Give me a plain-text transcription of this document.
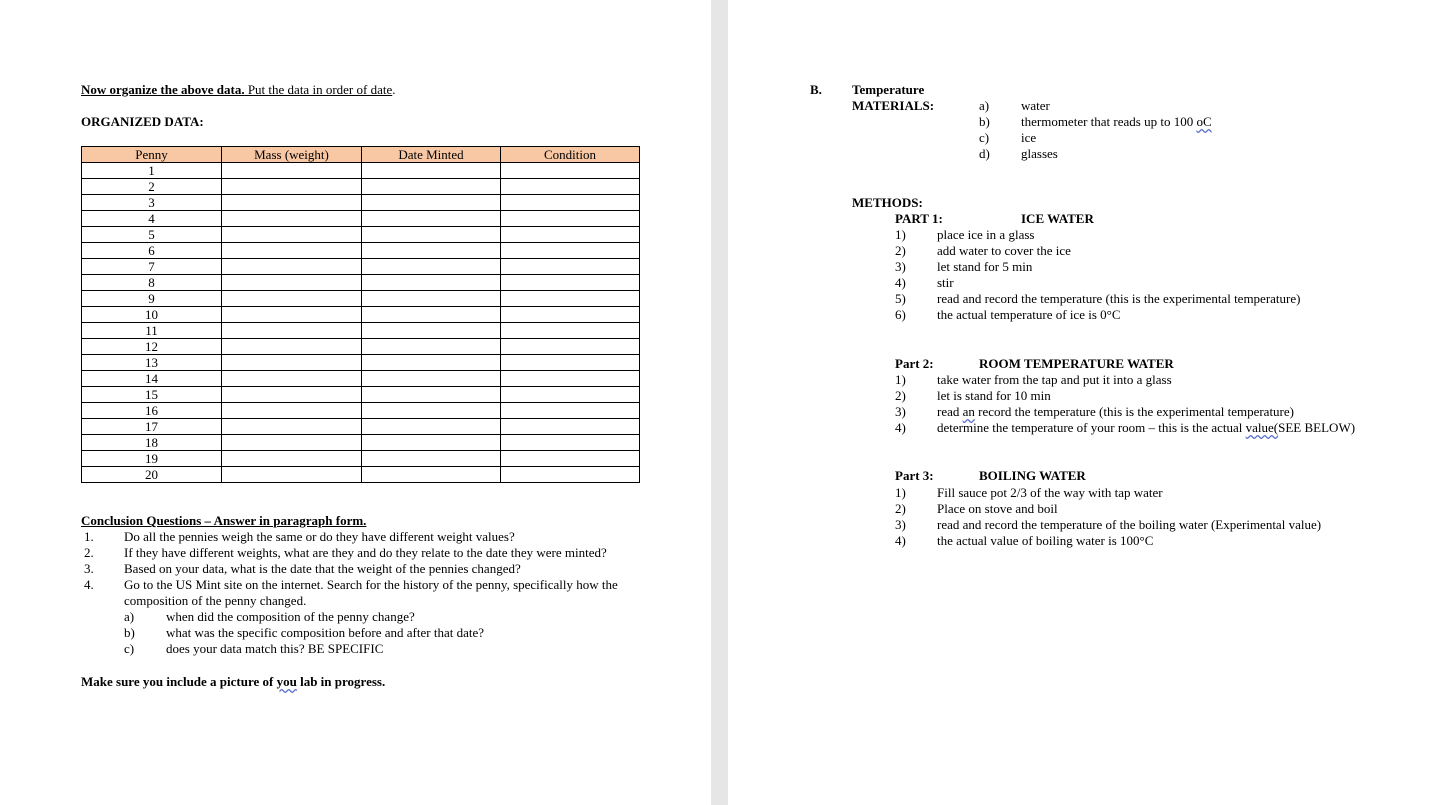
Now organize the above data. Put the data in order of date.
ORGANIZED DATA:
Penny	Mass (weight)	Date Minted	Condition
1			
2			
3			
4			
5			
6			
7			
8			
9			
10			
11			
12			
13			
14			
15			
16			
17			
18			
19			
20			
Conclusion Questions – Answer in paragraph form.
1. Do all the pennies weigh the same or do they have different weight values?
2. If they have different weights, what are they and do they relate to the date they were minted?
3. Based on your data, what is the date that the weight of the pennies changed?
4. Go to the US Mint site on the internet. Search for the history of the penny, specifically how the
composition of the penny changed.
a) when did the composition of the penny change?
b) what was the specific composition before and after that date?
c) does your data match this? BE SPECIFIC
Make sure you include a picture of you lab in progress.
B. Temperature
MATERIALS:	a) water
b) thermometer that reads up to 100 oC
c) ice
d) glasses
METHODS:
PART 1:	ICE WATER
1) place ice in a glass
2) add water to cover the ice
3) let stand for 5 min
4) stir
5) read and record the temperature (this is the experimental temperature)
6) the actual temperature of ice is 0°C
Part 2:	ROOM TEMPERATURE WATER
1) take water from the tap and put it into a glass
2) let is stand for 10 min
3) read an record the temperature (this is the experimental temperature)
4) determine the temperature of your room – this is the actual value(SEE BELOW)
Part 3:	BOILING WATER
1) Fill sauce pot 2/3 of the way with tap water
2) Place on stove and boil
3) read and record the temperature of the boiling water (Experimental value)
4) the actual value of boiling water is 100°C
